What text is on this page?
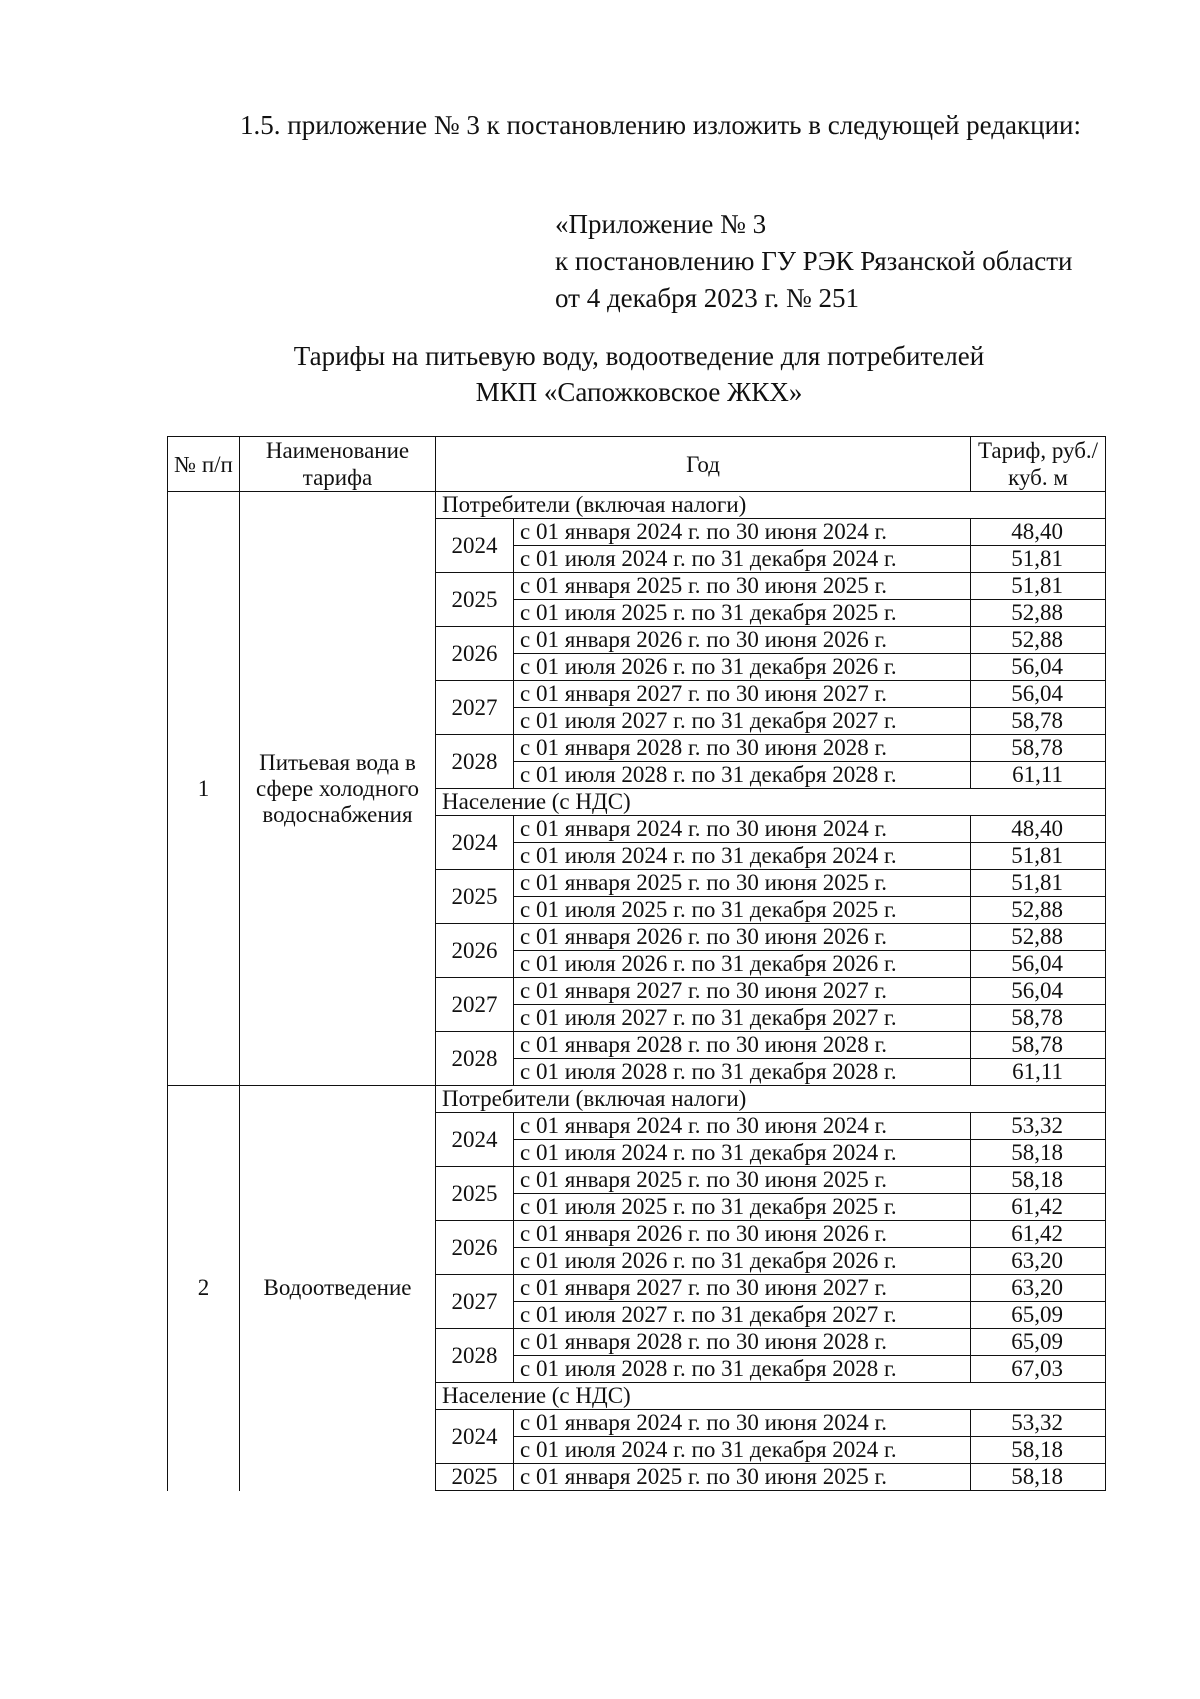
1.5. приложение № 3 к постановлению изложить в следующей редакции:

«Приложение № 3
к постановлению ГУ РЭК Рязанской области
от 4 декабря 2023 г. № 251
Тарифы на питьевую воду, водоотведение для потребителей
МКП «Сапожковское ЖКХ»
№ п/п	Наименование тарифа	Год		Тариф, руб./куб. м
1	Питьевая вода в сфере холодного водоснабжения	Потребители (включая налоги)		
		2024	с 01 января 2024 г. по 30 июня 2024 г.	48,40
			с 01 июля 2024 г. по 31 декабря 2024 г.	51,81
		2025	с 01 января 2025 г. по 30 июня 2025 г.	51,81
			с 01 июля 2025 г. по 31 декабря 2025 г.	52,88
		2026	с 01 января 2026 г. по 30 июня 2026 г.	52,88
			с 01 июля 2026 г. по 31 декабря 2026 г.	56,04
		2027	с 01 января 2027 г. по 30 июня 2027 г.	56,04
			с 01 июля 2027 г. по 31 декабря 2027 г.	58,78
		2028	с 01 января 2028 г. по 30 июня 2028 г.	58,78
			с 01 июля 2028 г. по 31 декабря 2028 г.	61,11
		Население (с НДС)		
		2024	с 01 января 2024 г. по 30 июня 2024 г.	48,40
			с 01 июля 2024 г. по 31 декабря 2024 г.	51,81
		2025	с 01 января 2025 г. по 30 июня 2025 г.	51,81
			с 01 июля 2025 г. по 31 декабря 2025 г.	52,88
		2026	с 01 января 2026 г. по 30 июня 2026 г.	52,88
			с 01 июля 2026 г. по 31 декабря 2026 г.	56,04
		2027	с 01 января 2027 г. по 30 июня 2027 г.	56,04
			с 01 июля 2027 г. по 31 декабря 2027 г.	58,78
		2028	с 01 января 2028 г. по 30 июня 2028 г.	58,78
			с 01 июля 2028 г. по 31 декабря 2028 г.	61,11
2	Водоотведение	Потребители (включая налоги)		
		2024	с 01 января 2024 г. по 30 июня 2024 г.	53,32
			с 01 июля 2024 г. по 31 декабря 2024 г.	58,18
		2025	с 01 января 2025 г. по 30 июня 2025 г.	58,18
			с 01 июля 2025 г. по 31 декабря 2025 г.	61,42
		2026	с 01 января 2026 г. по 30 июня 2026 г.	61,42
			с 01 июля 2026 г. по 31 декабря 2026 г.	63,20
		2027	с 01 января 2027 г. по 30 июня 2027 г.	63,20
			с 01 июля 2027 г. по 31 декабря 2027 г.	65,09
		2028	с 01 января 2028 г. по 30 июня 2028 г.	65,09
			с 01 июля 2028 г. по 31 декабря 2028 г.	67,03
		Население (с НДС)		
		2024	с 01 января 2024 г. по 30 июня 2024 г.	53,32
			с 01 июля 2024 г. по 31 декабря 2024 г.	58,18
		2025	с 01 января 2025 г. по 30 июня 2025 г.	58,18
